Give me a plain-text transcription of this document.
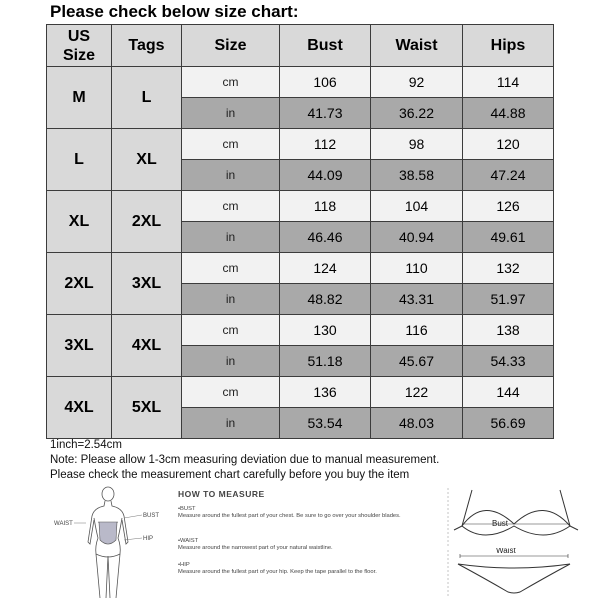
Please check below size chart:
US
Size	Tags	Size	Bust	Waist	Hips
M	L	cm	106	92	114
		in	41.73	36.22	44.88
L	XL	cm	112	98	120
		in	44.09	38.58	47.24
XL	2XL	cm	118	104	126
		in	46.46	40.94	49.61
2XL	3XL	cm	124	110	132
		in	48.82	43.31	51.97
3XL	4XL	cm	130	116	138
		in	51.18	45.67	54.33
4XL	5XL	cm	136	122	144
		in	53.54	48.03	56.69
1inch=2.54cm
Note: Please allow 1-3cm measuring deviation due to manual measurement.
Please check the measurement chart carefully before you buy the item
WAIST
BUST
HIP
HOW TO MEASURE
•BUST
Measure around the fullest part of your chest. Be sure to go over your shoulder blades.
•WAIST
Measure around the narrowest part of your natural waistline.
•HIP
Measure around the fullest part of your hip. Keep the tape parallel to the floor.
Bust
Waist
